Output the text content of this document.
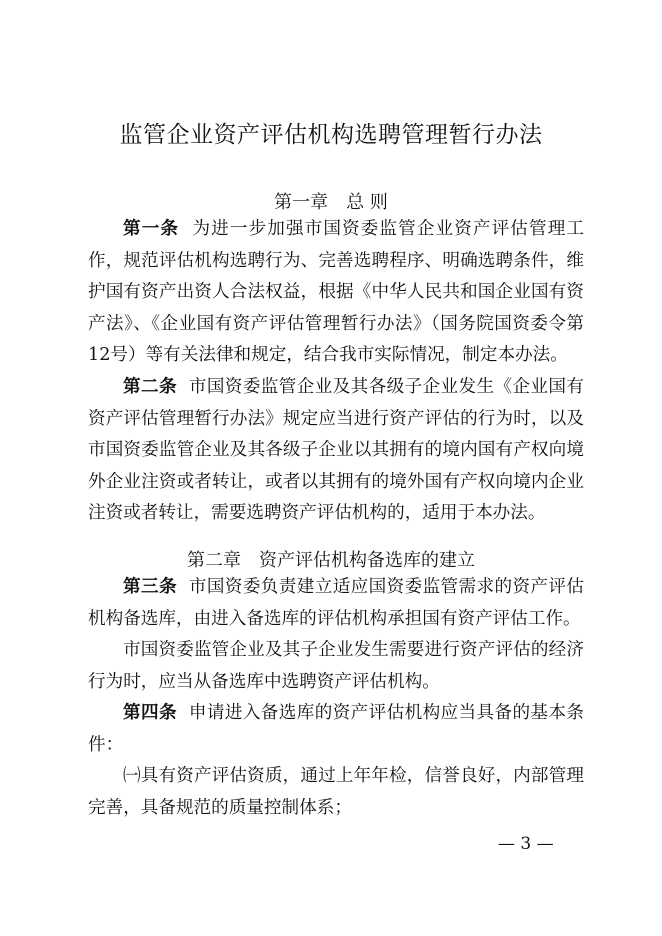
监管企业资产评估机构选聘管理暂行办法
第一章　总 则

第一条 为进一步加强市国资委监管企业资产评估管理工作，规范评估机构选聘行为、完善选聘程序、明确选聘条件，维护国有资产出资人合法权益，根据《中华人民共和国企业国有资产法》、《企业国有资产评估管理暂行办法》（国务院国资委令第12号）等有关法律和规定，结合我市实际情况，制定本办法。

第二条 市国资委监管企业及其各级子企业发生《企业国有资产评估管理暂行办法》规定应当进行资产评估的行为时，以及市国资委监管企业及其各级子企业以其拥有的境内国有产权向境外企业注资或者转让，或者以其拥有的境外国有产权向境内企业注资或者转让，需要选聘资产评估机构的，适用于本办法。

第二章　资产评估机构备选库的建立

第三条 市国资委负责建立适应国资委监管需求的资产评估机构备选库，由进入备选库的评估机构承担国有资产评估工作。

市国资委监管企业及其子企业发生需要进行资产评估的经济行为时，应当从备选库中选聘资产评估机构。

第四条 申请进入备选库的资产评估机构应当具备的基本条件：

㈠具有资产评估资质，通过上年年检，信誉良好，内部管理完善，具备规范的质量控制体系；

— 3 —
